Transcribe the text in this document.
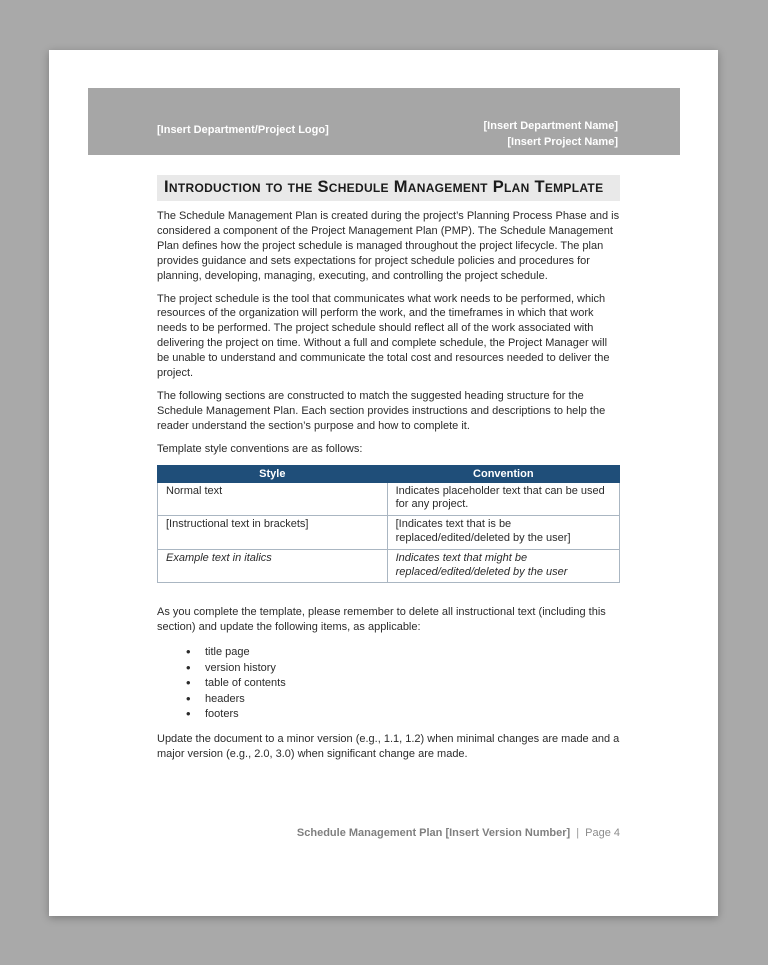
[Insert Department/Project Logo]	[Insert Department Name]
[Insert Project Name]
Introduction to the Schedule Management Plan Template

The Schedule Management Plan is created during the project’s Planning Process Phase and is considered a component of the Project Management Plan (PMP). The Schedule Management Plan defines how the project schedule is managed throughout the project lifecycle. The plan provides guidance and sets expectations for project schedule policies and procedures for planning, developing, managing, executing, and controlling the project schedule.

The project schedule is the tool that communicates what work needs to be performed, which resources of the organization will perform the work, and the timeframes in which that work needs to be performed. The project schedule should reflect all of the work associated with delivering the project on time. Without a full and complete schedule, the Project Manager will be unable to understand and communicate the total cost and resources needed to deliver the project.

The following sections are constructed to match the suggested heading structure for the Schedule Management Plan. Each section provides instructions and descriptions to help the reader understand the section’s purpose and how to complete it.

Template style conventions are as follows:

Style	Convention
Normal text	Indicates placeholder text that can be used for any project.
[Instructional text in brackets]	[Indicates text that is be replaced/edited/deleted by the user]
Example text in italics	Indicates text that might be replaced/edited/deleted by the user

As you complete the template, please remember to delete all instructional text (including this section) and update the following items, as applicable:

• title page
• version history
• table of contents
• headers
• footers

Update the document to a minor version (e.g., 1.1, 1.2) when minimal changes are made and a major version (e.g., 2.0, 3.0) when significant change are made.

Schedule Management Plan [Insert Version Number] | Page 4
